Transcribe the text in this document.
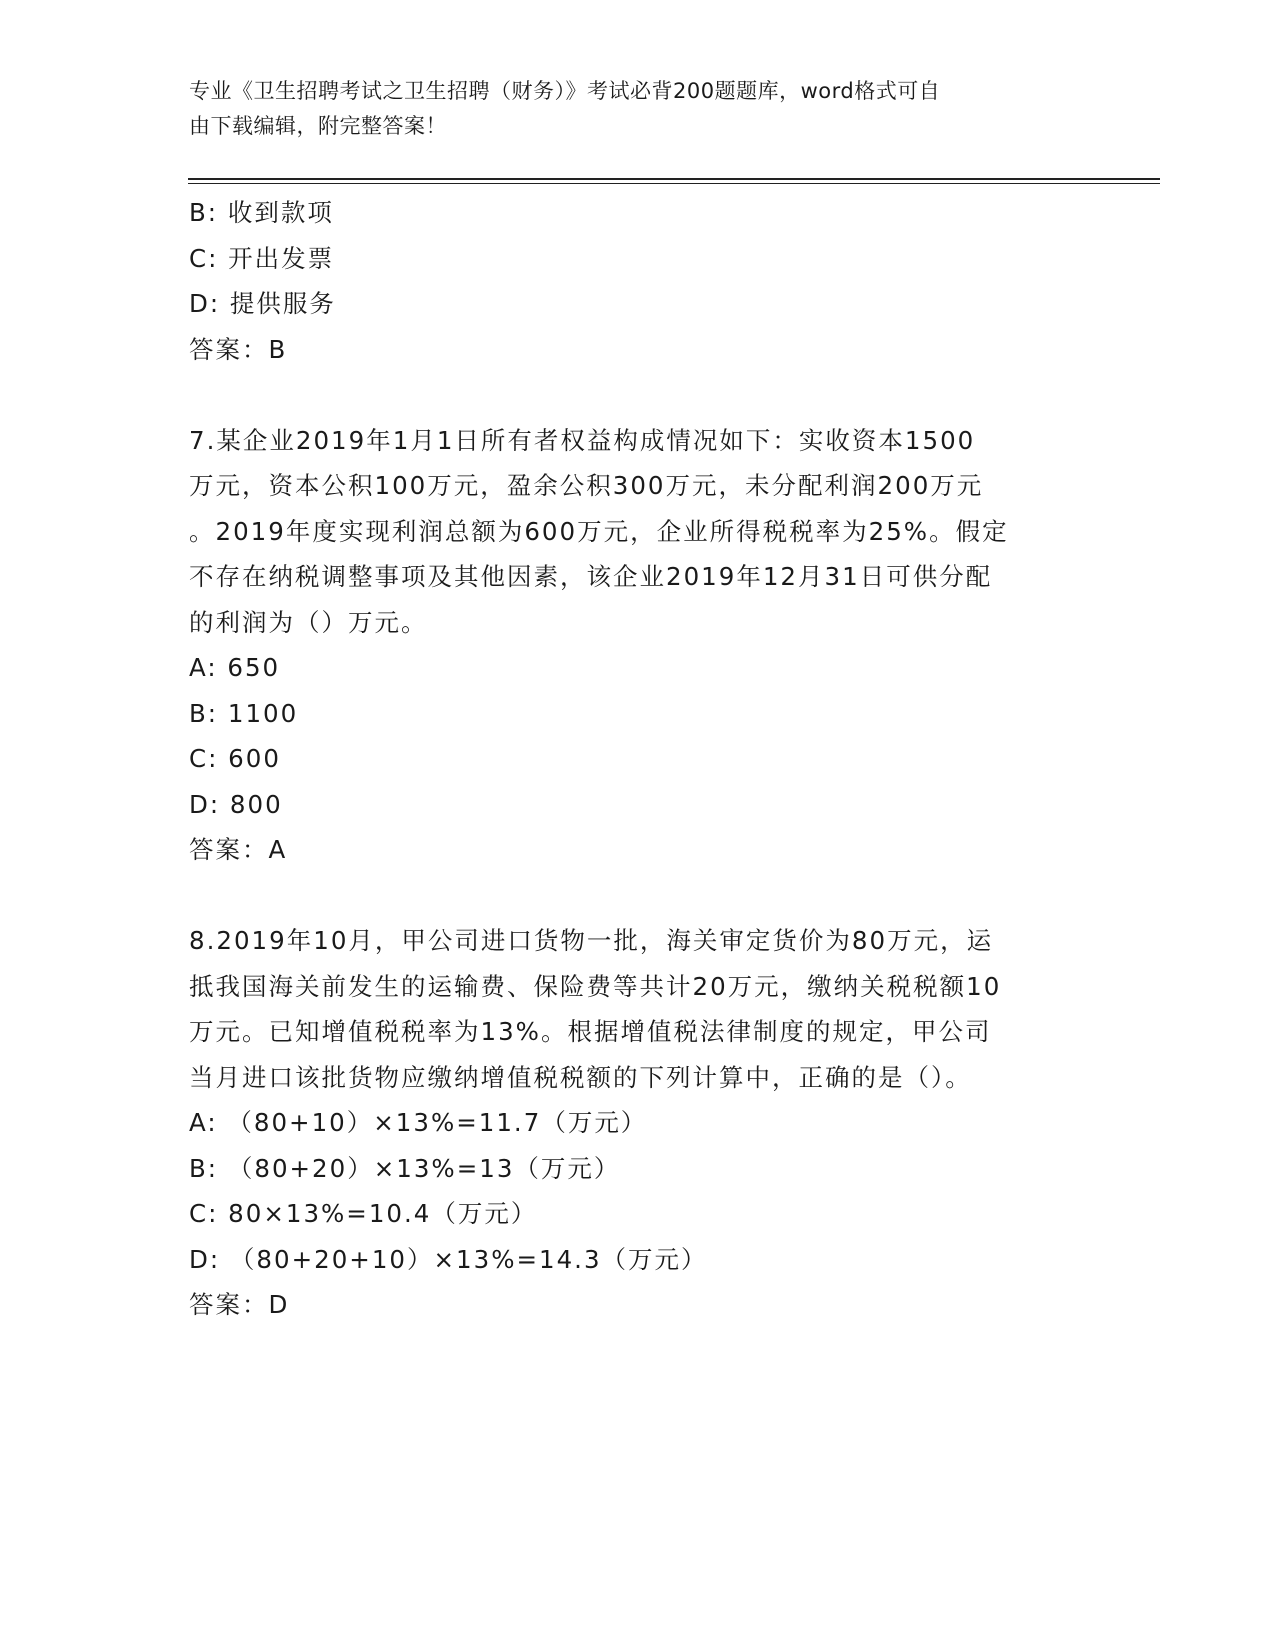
专业《卫生招聘考试之卫生招聘（财务）》考试必背200题题库，word格式可自
由下载编辑，附完整答案！
B: 收到款项
C: 开出发票
D: 提供服务
答案：B
7.某企业2019年1月1日所有者权益构成情况如下：实收资本1500
万元，资本公积100万元，盈余公积300万元，未分配利润200万元
。2019年度实现利润总额为600万元，企业所得税税率为25%。假定
不存在纳税调整事项及其他因素，该企业2019年12月31日可供分配
的利润为（）万元。
A: 650
B: 1100
C: 600
D: 800
答案：A
8.2019年10月，甲公司进口货物一批，海关审定货价为80万元，运
抵我国海关前发生的运输费、保险费等共计20万元，缴纳关税税额10
万元。已知增值税税率为13%。根据增值税法律制度的规定，甲公司
当月进口该批货物应缴纳增值税税额的下列计算中，正确的是（）。
A: （80+10）×13%=11.7（万元）
B: （80+20）×13%=13（万元）
C: 80×13%=10.4（万元）
D: （80+20+10）×13%=14.3（万元）
答案：D
